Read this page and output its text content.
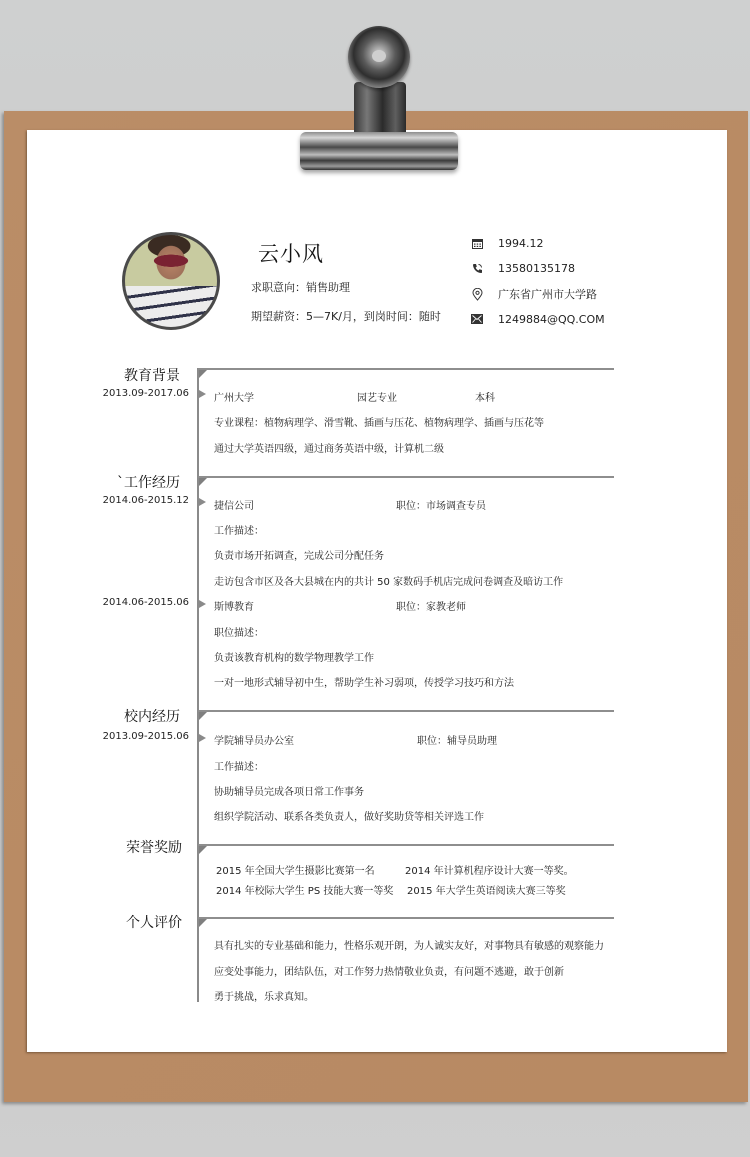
云小风
求职意向：销售助理
期望薪资：5—7K/月，到岗时间：随时
1994.12
13580135178
广东省广州市大学路
1249884@QQ.COM
教育背景
2013.09-2017.06	广州大学	园艺专业	本科
专业课程：植物病理学、滑雪靴、插画与压花、植物病理学、插画与压花等
通过大学英语四级，通过商务英语中级，计算机二级
`工作经历
2014.06-2015.12
捷信公司	职位：市场调查专员
工作描述：
负责市场开拓调查，完成公司分配任务
走访包含市区及各大县城在内的共计 50 家数码手机店完成问卷调查及暗访工作
2014.06-2015.06	斯博教育	职位：家教老师
职位描述：
负责该教育机构的数学物理教学工作
一对一地形式辅导初中生，帮助学生补习弱项，传授学习技巧和方法
校内经历
2013.09-2015.06	学院辅导员办公室	职位：辅导员助理
工作描述：
协助辅导员完成各项日常工作事务
组织学院活动、联系各类负责人，做好奖助贷等相关评选工作
荣誉奖励
2015 年全国大学生摄影比赛第一名	2014 年计算机程序设计大赛一等奖。
2014 年校际大学生 PS 技能大赛一等奖 2015 年大学生英语阅读大赛三等奖
个人评价
具有扎实的专业基础和能力，性格乐观开朗，为人诚实友好，对事物具有敏感的观察能力
应变处事能力，团结队伍，对工作努力热情敬业负责，有问题不逃避，敢于创新
勇于挑战，乐求真知。
